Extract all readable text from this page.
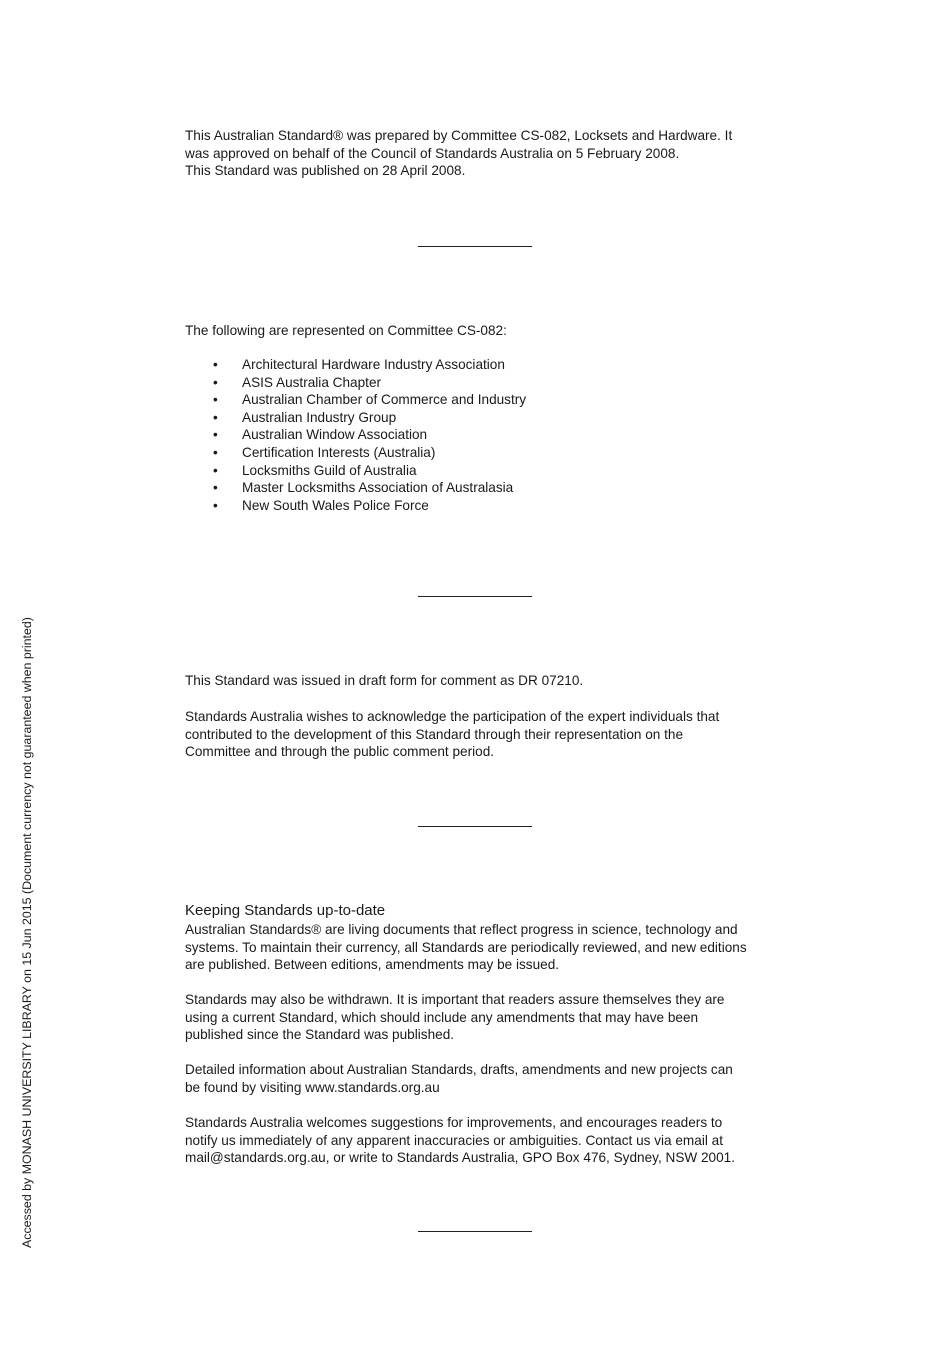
This Australian Standard® was prepared by Committee CS-082, Locksets and Hardware. It
was approved on behalf of the Council of Standards Australia on 5 February 2008.
This Standard was published on 28 April 2008.

The following are represented on Committee CS-082:

• Architectural Hardware Industry Association
• ASIS Australia Chapter
• Australian Chamber of Commerce and Industry
• Australian Industry Group
• Australian Window Association
• Certification Interests (Australia)
• Locksmiths Guild of Australia
• Master Locksmiths Association of Australasia
• New South Wales Police Force

This Standard was issued in draft form for comment as DR 07210.

Standards Australia wishes to acknowledge the participation of the expert individuals that
contributed to the development of this Standard through their representation on the
Committee and through the public comment period.
Keeping Standards up-to-date
Australian Standards® are living documents that reflect progress in science, technology and
systems. To maintain their currency, all Standards are periodically reviewed, and new editions
are published. Between editions, amendments may be issued.
Standards may also be withdrawn. It is important that readers assure themselves they are
using a current Standard, which should include any amendments that may have been
published since the Standard was published.
Detailed information about Australian Standards, drafts, amendments and new projects can
be found by visiting www.standards.org.au
Standards Australia welcomes suggestions for improvements, and encourages readers to
notify us immediately of any apparent inaccuracies or ambiguities. Contact us via email at
mail@standards.org.au, or write to Standards Australia, GPO Box 476, Sydney, NSW 2001.
Accessed by MONASH UNIVERSITY LIBRARY on 15 Jun 2015 (Document currency not guaranteed when printed)
